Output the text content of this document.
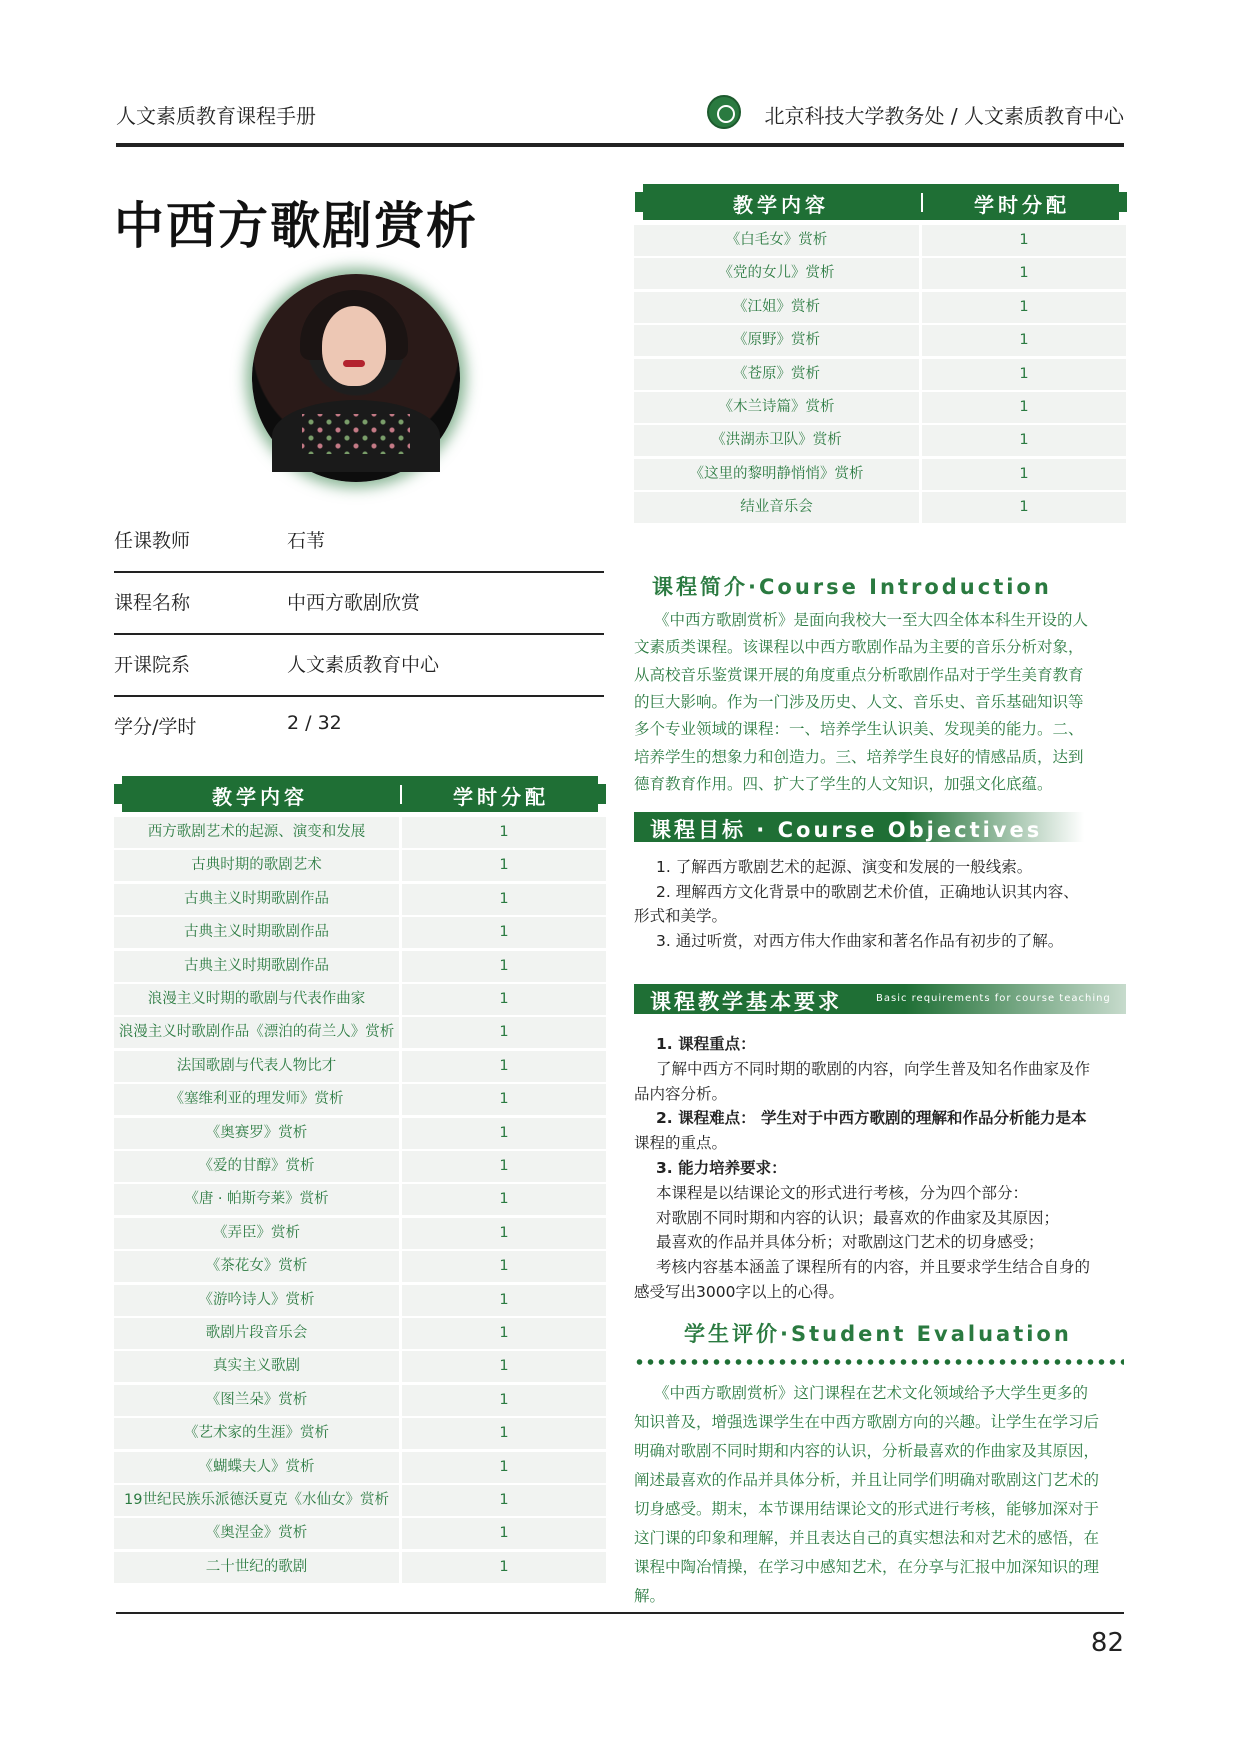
人文素质教育课程手册	北京科技大学教务处 / 人文素质教育中心
中西方歌剧赏析
任课教师	石苇
课程名称	中西方歌剧欣赏
开课院系	人文素质教育中心
学分/学时	2 / 32
教学内容	学时分配
西方歌剧艺术的起源、演变和发展	1
古典时期的歌剧艺术	1
古典主义时期歌剧作品	1
古典主义时期歌剧作品	1
古典主义时期歌剧作品	1
浪漫主义时期的歌剧与代表作曲家	1
浪漫主义时歌剧作品《漂泊的荷兰人》赏析	1
法国歌剧与代表人物比才	1
《塞维利亚的理发师》赏析	1
《奥赛罗》赏析	1
《爱的甘醇》赏析	1
《唐 · 帕斯夸莱》赏析	1
《弄臣》赏析	1
《茶花女》赏析	1
《游吟诗人》赏析	1
歌剧片段音乐会	1
真实主义歌剧	1
《图兰朵》赏析	1
《艺术家的生涯》赏析	1
《蝴蝶夫人》赏析	1
19世纪民族乐派德沃夏克《水仙女》赏析	1
《奥涅金》赏析	1
二十世纪的歌剧	1
教学内容	学时分配
《白毛女》赏析	1
《党的女儿》赏析	1
《江姐》赏析	1
《原野》赏析	1
《苍原》赏析	1
《木兰诗篇》赏析	1
《洪湖赤卫队》赏析	1
《这里的黎明静悄悄》赏析	1
结业音乐会	1
课程简介·Course Introduction
《中西方歌剧赏析》是面向我校大一至大四全体本科生开设的人
文素质类课程。该课程以中西方歌剧作品为主要的音乐分析对象，
从高校音乐鉴赏课开展的角度重点分析歌剧作品对于学生美育教育
的巨大影响。作为一门涉及历史、人文、音乐史、音乐基础知识等
多个专业领域的课程：一、培养学生认识美、发现美的能力。二、
培养学生的想象力和创造力。三、培养学生良好的情感品质，达到
德育教育作用。四、扩大了学生的人文知识，加强文化底蕴。
课程目标 · Course Objectives
1. 了解西方歌剧艺术的起源、演变和发展的一般线索。
2. 理解西方文化背景中的歌剧艺术价值，正确地认识其内容、
形式和美学。
3. 通过听赏，对西方伟大作曲家和著名作品有初步的了解。
课程教学基本要求	Basic requirements for course teaching
1. 课程重点：
了解中西方不同时期的歌剧的内容，向学生普及知名作曲家及作
品内容分析。
2. 课程难点： 学生对于中西方歌剧的理解和作品分析能力是本
课程的重点。
3. 能力培养要求：
本课程是以结课论文的形式进行考核，分为四个部分：
对歌剧不同时期和内容的认识；最喜欢的作曲家及其原因；
最喜欢的作品并具体分析；对歌剧这门艺术的切身感受；
考核内容基本涵盖了课程所有的内容，并且要求学生结合自身的
感受写出3000字以上的心得。
学生评价·Student Evaluation
《中西方歌剧赏析》这门课程在艺术文化领域给予大学生更多的
知识普及，增强选课学生在中西方歌剧方向的兴趣。让学生在学习后
明确对歌剧不同时期和内容的认识，分析最喜欢的作曲家及其原因，
阐述最喜欢的作品并具体分析，并且让同学们明确对歌剧这门艺术的
切身感受。期末，本节课用结课论文的形式进行考核，能够加深对于
这门课的印象和理解，并且表达自己的真实想法和对艺术的感悟，在
课程中陶冶情操，在学习中感知艺术，在分享与汇报中加深知识的理
解。
82
